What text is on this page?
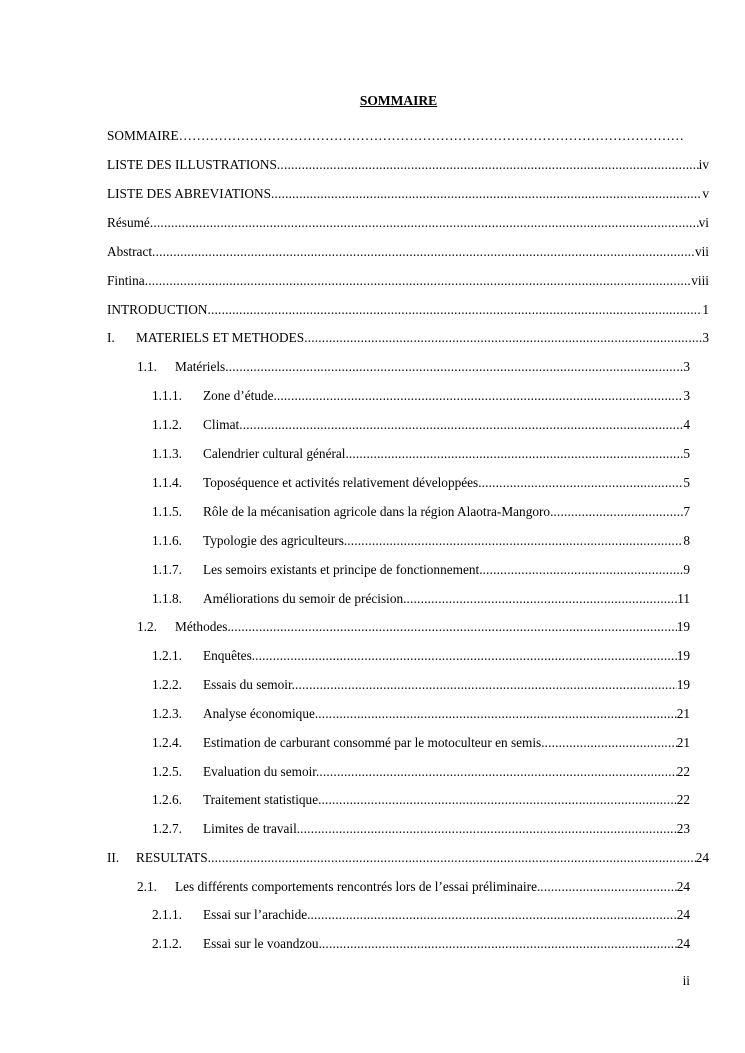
SOMMAIRE
SOMMAIRE
…………………………………………………………………………………………………………………………………………………………
LISTE DES ILLUSTRATIONS .....	iv
LISTE DES ABREVIATIONS .....	v
Résumé .....	vi
Abstract .....	vii
Fintina .....	viii
INTRODUCTION .....	1
I.	MATERIELS ET METHODES .....	3
1.1.	Matériels .....	3
1.1.1.	Zone d’étude. .....	3
1.1.2.	Climat .....	4
1.1.3.	Calendrier cultural général. .....	5
1.1.4.	Toposéquence et activités relativement développées. .....	5
1.1.5.	Rôle de la mécanisation agricole dans la région Alaotra-Mangoro. .....	7
1.1.6.	Typologie des agriculteurs. .....	8
1.1.7.	Les semoirs existants et principe de fonctionnement. .....	9
1.1.8.	Améliorations du semoir de précision. .....	11
1.2.	Méthodes. .....	19
1.2.1.	Enquêtes. .....	19
1.2.2.	Essais du semoir. .....	19
1.2.3.	Analyse économique. .....	21
1.2.4.	Estimation de carburant consommé par le motoculteur en semis. .....	21
1.2.5.	Evaluation du semoir. .....	22
1.2.6.	Traitement statistique. .....	22
1.2.7.	Limites de travail. .....	23
II.	RESULTATS .....	24
2.1.	Les différents comportements rencontrés lors de l’essai préliminaire. .....	24
2.1.1.	Essai sur l’arachide. .....	24
2.1.2.	Essai sur le voandzou. .....	24
ii
